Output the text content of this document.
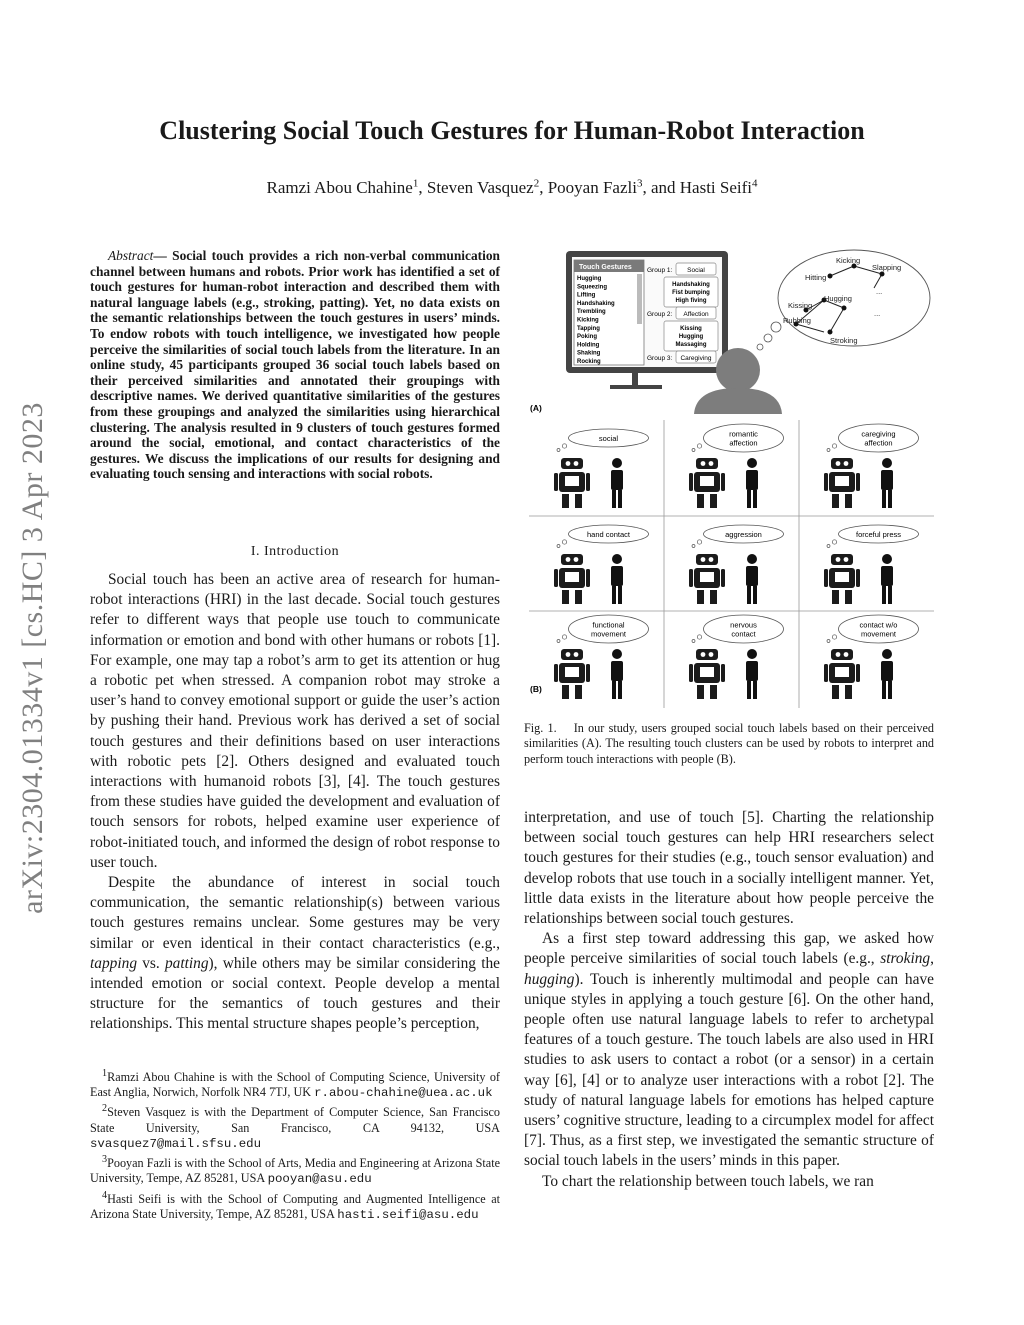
arXiv:2304.01334v1 [cs.HC] 3 Apr 2023
Clustering Social Touch Gestures for Human-Robot Interaction
Ramzi Abou Chahine$^1$, Steven Vasquez$^2$, Pooyan Fazli$^3$, and Hasti Seifi$^4$
Abstract— Social touch provides a rich non-verbal communication channel between humans and robots. Prior work has identified a set of touch gestures for human-robot interaction and described them with natural language labels (e.g., stroking, patting). Yet, no data exists on the semantic relationships between the touch gestures in users’ minds. To endow robots with touch intelligence, we investigated how people perceive the similarities of social touch labels from the literature. In an online study, 45 participants grouped 36 social touch labels based on their perceived similarities and annotated their groupings with descriptive names. We derived quantitative similarities of the gestures from these groupings and analyzed the similarities using hierarchical clustering. The analysis resulted in 9 clusters of touch gestures formed around the social, emotional, and contact characteristics of the gestures. We discuss the implications of our results for designing and evaluating touch sensing and interactions with social robots.
I. Introduction

Social touch has been an active area of research for human-robot interactions (HRI) in the last decade. Social touch gestures refer to different ways that people use touch to communicate information or emotion and bond with other humans or robots [1]. For example, one may tap a robot’s arm to get its attention or hug a robotic pet when stressed. A companion robot may stroke a user’s hand to convey emotional support or guide the user’s action by pushing their hand. Previous work has derived a set of social touch gestures and their definitions based on user interactions with robotic pets [2]. Others designed and evaluated touch interactions with humanoid robots [3], [4]. The touch gestures from these studies have guided the development and evaluation of touch sensors for robots, helped examine user experience of robot-initiated touch, and informed the design of robot response to user touch.

Despite the abundance of interest in social touch communication, the semantic relationship(s) between various touch gestures remains unclear. Some gestures may be very similar or even identical in their contact characteristics (e.g., tapping vs. patting), while others may be similar considering the intended emotion or social context. People develop a mental structure for the semantics of touch gestures and their relationships. This mental structure shapes people’s perception,

$^1$Ramzi Abou Chahine is with the School of Computing Science, University of East Anglia, Norwich, Norfolk NR4 7TJ, UK r.abou-chahine@uea.ac.uk

$^2$Steven Vasquez is with the Department of Computer Science, San Francisco State University, San Francisco, CA 94132, USA svasquez7@mail.sfsu.edu

$^3$Pooyan Fazli is with the School of Arts, Media and Engineering at Arizona State University, Tempe, AZ 85281, USA pooyan@asu.edu

$^4$Hasti Seifi is with the School of Computing and Augmented Intelligence at Arizona State University, Tempe, AZ 85281, USA hasti.seifi@asu.edu

Touch Gestures
Hugging
Squeezing
Lifting
Handshaking
Trembling
Kicking
Tapping
Poking
Holding
Shaking
Rocking
Group 1: Social
Handshaking
Fist bumping
High fiving
Group 2: Affection
Kissing
Hugging
Massaging
Group 3: Caregiving
Kicking
Slapping
Hitting
Hugging
Kissing
Rubbing
Stroking
...
...
(A)
social	romantic
affection
caregiving
affection
hand contact	aggression	forceful press
functional
movement
nervous
contact
contact w/o
movement
(B)
Fig. 1. In our study, users grouped social touch labels based on their perceived similarities (A). The resulting touch clusters can be used by robots to interpret and perform touch interactions with people (B).

interpretation, and use of touch [5]. Charting the relationship between social touch gestures can help HRI researchers select touch gestures for their studies (e.g., touch sensor evaluation) and develop robots that use touch in a socially intelligent manner. Yet, little data exists in the literature about how people perceive the relationships between social touch gestures.

As a first step toward addressing this gap, we asked how people perceive similarities of social touch labels (e.g., stroking, hugging). Touch is inherently multimodal and people can have unique styles in applying a touch gesture [6]. On the other hand, people often use natural language labels to refer to archetypal features of a touch gesture. The touch labels are also used in HRI studies to ask users to contact a robot (or a sensor) in a certain way [6], [4] or to analyze user interactions with a robot [2]. The study of natural language labels for emotions has helped capture users’ cognitive structure, leading to a circumplex model for affect [7]. Thus, as a first step, we investigated the semantic structure of social touch labels in the users’ minds in this paper.

To chart the relationship between touch labels, we ran
